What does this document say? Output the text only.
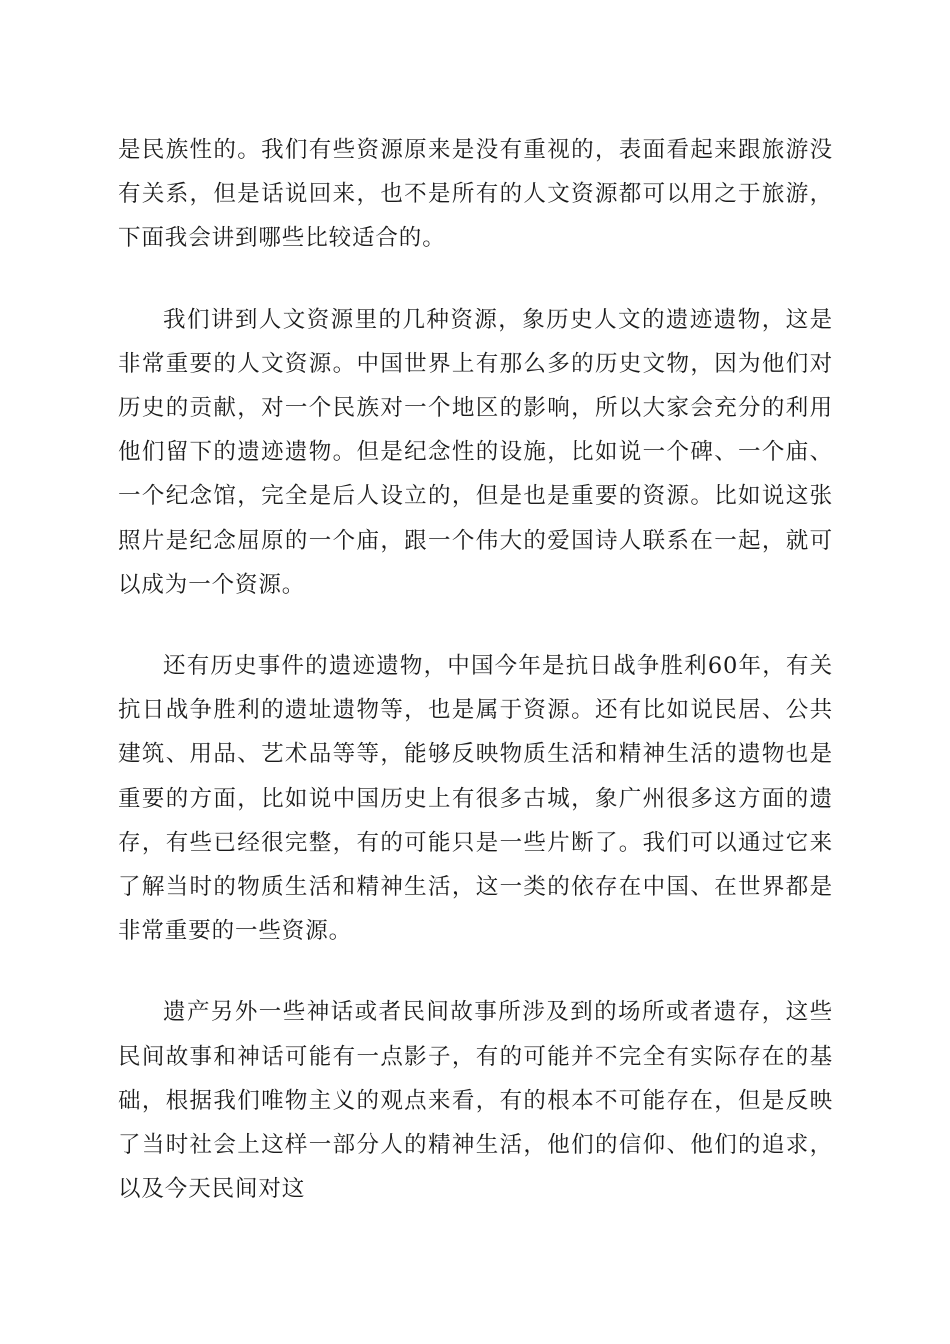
是民族性的。我们有些资源原来是没有重视的，表面看起来跟旅游没有关系，但是话说回来，也不是所有的人文资源都可以用之于旅游，下面我会讲到哪些比较适合的。

我们讲到人文资源里的几种资源，象历史人文的遗迹遗物，这是非常重要的人文资源。中国世界上有那么多的历史文物，因为他们对历史的贡献，对一个民族对一个地区的影响，所以大家会充分的利用他们留下的遗迹遗物。但是纪念性的设施，比如说一个碑、一个庙、一个纪念馆，完全是后人设立的，但是也是重要的资源。比如说这张照片是纪念屈原的一个庙，跟一个伟大的爱国诗人联系在一起，就可以成为一个资源。

还有历史事件的遗迹遗物，中国今年是抗日战争胜利60年，有关抗日战争胜利的遗址遗物等，也是属于资源。还有比如说民居、公共建筑、用品、艺术品等等，能够反映物质生活和精神生活的遗物也是重要的方面，比如说中国历史上有很多古城，象广州很多这方面的遗存，有些已经很完整，有的可能只是一些片断了。我们可以通过它来了解当时的物质生活和精神生活，这一类的依存在中国、在世界都是非常重要的一些资源。

遗产另外一些神话或者民间故事所涉及到的场所或者遗存，这些民间故事和神话可能有一点影子，有的可能并不完全有实际存在的基础，根据我们唯物主义的观点来看，有的根本不可能存在，但是反映了当时社会上这样一部分人的精神生活，他们的信仰、他们的追求，以及今天民间对这
